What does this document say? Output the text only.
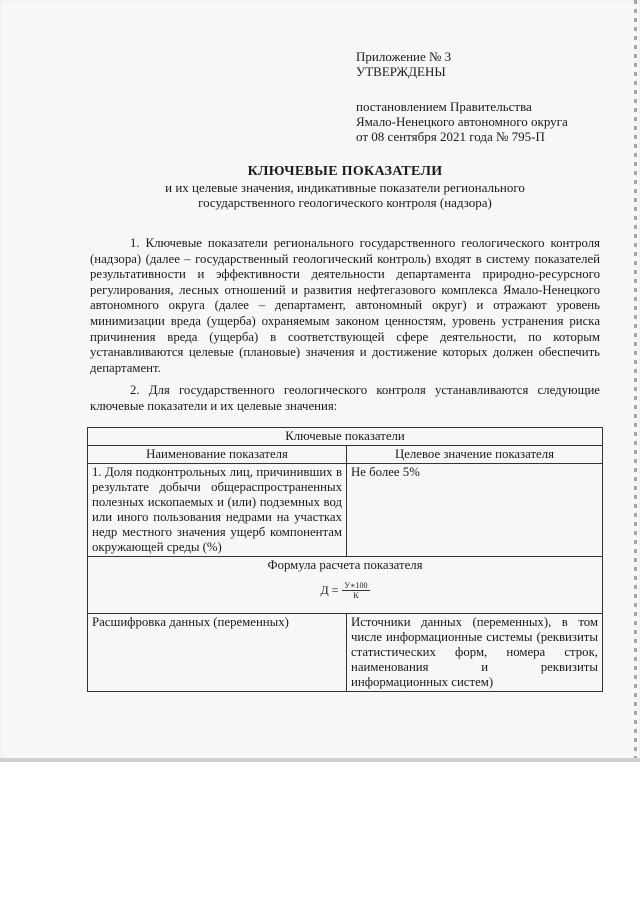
Приложение № 3
УТВЕРЖДЕНЫ
постановлением Правительства
Ямало-Ненецкого автономного округа
от 08 сентября 2021 года № 795-П
КЛЮЧЕВЫЕ ПОКАЗАТЕЛИ
и их целевые значения, индикативные показатели регионального
государственного геологического контроля (надзора)

1. Ключевые показатели регионального государственного геологического контроля (надзора) (далее – государственный геологический контроль) входят в систему показателей результативности и эффективности деятельности департамента природно-ресурсного регулирования, лесных отношений и развития нефтегазового комплекса Ямало-Ненецкого автономного округа (далее – департамент, автономный округ) и отражают уровень минимизации вреда (ущерба) охраняемым законом ценностям, уровень устранения риска причинения вреда (ущерба) в соответствующей сфере деятельности, по которым устанавливаются целевые (плановые) значения и достижение которых должен обеспечить департамент.

2. Для государственного геологического контроля устанавливаются следующие ключевые показатели и их целевые значения:

Ключевые показатели	
Наименование показателя	Целевое значение показателя
1. Доля подконтрольных лиц, причинивших в результате добычи общераспространенных полезных ископаемых и (или) подземных вод или иного пользования недрами на участках недр местного значения ущерб компонентам окружающей среды (%)	Не более 5%

Формула расчета показателя
$Д = \frac{У∗100}{К}$

Расшифровка данных (переменных)	Источники данных (переменных), в том числе информационные системы (реквизиты статистических форм, номера строк, наименования и реквизиты информационных систем)
